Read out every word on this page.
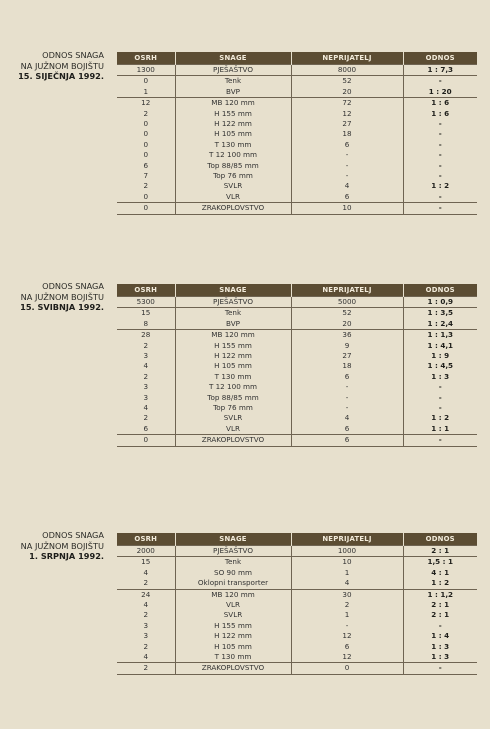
ODNOS SNAGA
NA JUŽNOM BOJIŠTU
15. SIJEČNJA 1992.
OSRH	SNAGE	NEPRIJATELJ	ODNOS
1300	PJEŠAŠTVO	8000	1 : 7,3
0	Tenk	52	-
1	BVP	20	1 : 20
12	MB 120 mm	72	1 : 6
2	H 155 mm	12	1 : 6
0	H 122 mm	27	-
0	H 105 mm	18	-
0	T 130 mm	6	-
0	T 12 100 mm	-	-
6	Top 88/85 mm	-	-
7	Top 76 mm	-	-
2	SVLR	4	1 : 2
0	VLR	6	-
0	ZRAKOPLOVSTVO	10	-
ODNOS SNAGA
NA JUŽNOM BOJIŠTU
15. SVIBNJA 1992.
OSRH	SNAGE	NEPRIJATELJ	ODNOS
5300	PJEŠAŠTVO	5000	1 : 0,9
15	Tenk	52	1 : 3,5
8	BVP	20	1 : 2,4
28	MB 120 mm	36	1 : 1,3
2	H 155 mm	9	1 : 4,1
3	H 122 mm	27	1 : 9
4	H 105 mm	18	1 : 4,5
2	T 130 mm	6	1 : 3
3	T 12 100 mm	-	-
3	Top 88/85 mm	-	-
4	Top 76 mm	-	-
2	SVLR	4	1 : 2
6	VLR	6	1 : 1
0	ZRAKOPLOVSTVO	6	-
ODNOS SNAGA
NA JUŽNOM BOJIŠTU
1. SRPNJA 1992.
OSRH	SNAGE	NEPRIJATELJ	ODNOS
2000	PJEŠAŠTVO	1000	2 : 1
15	Tenk	10	1,5 : 1
4	SO 90 mm	1	4 : 1
2	Oklopni transporter	4	1 : 2
24	MB 120 mm	30	1 : 1,2
4	VLR	2	2 : 1
2	SVLR	1	2 : 1
3	H 155 mm	-	-
3	H 122 mm	12	1 : 4
2	H 105 mm	6	1 : 3
4	T 130 mm	12	1 : 3
2	ZRAKOPLOVSTVO	0	-
